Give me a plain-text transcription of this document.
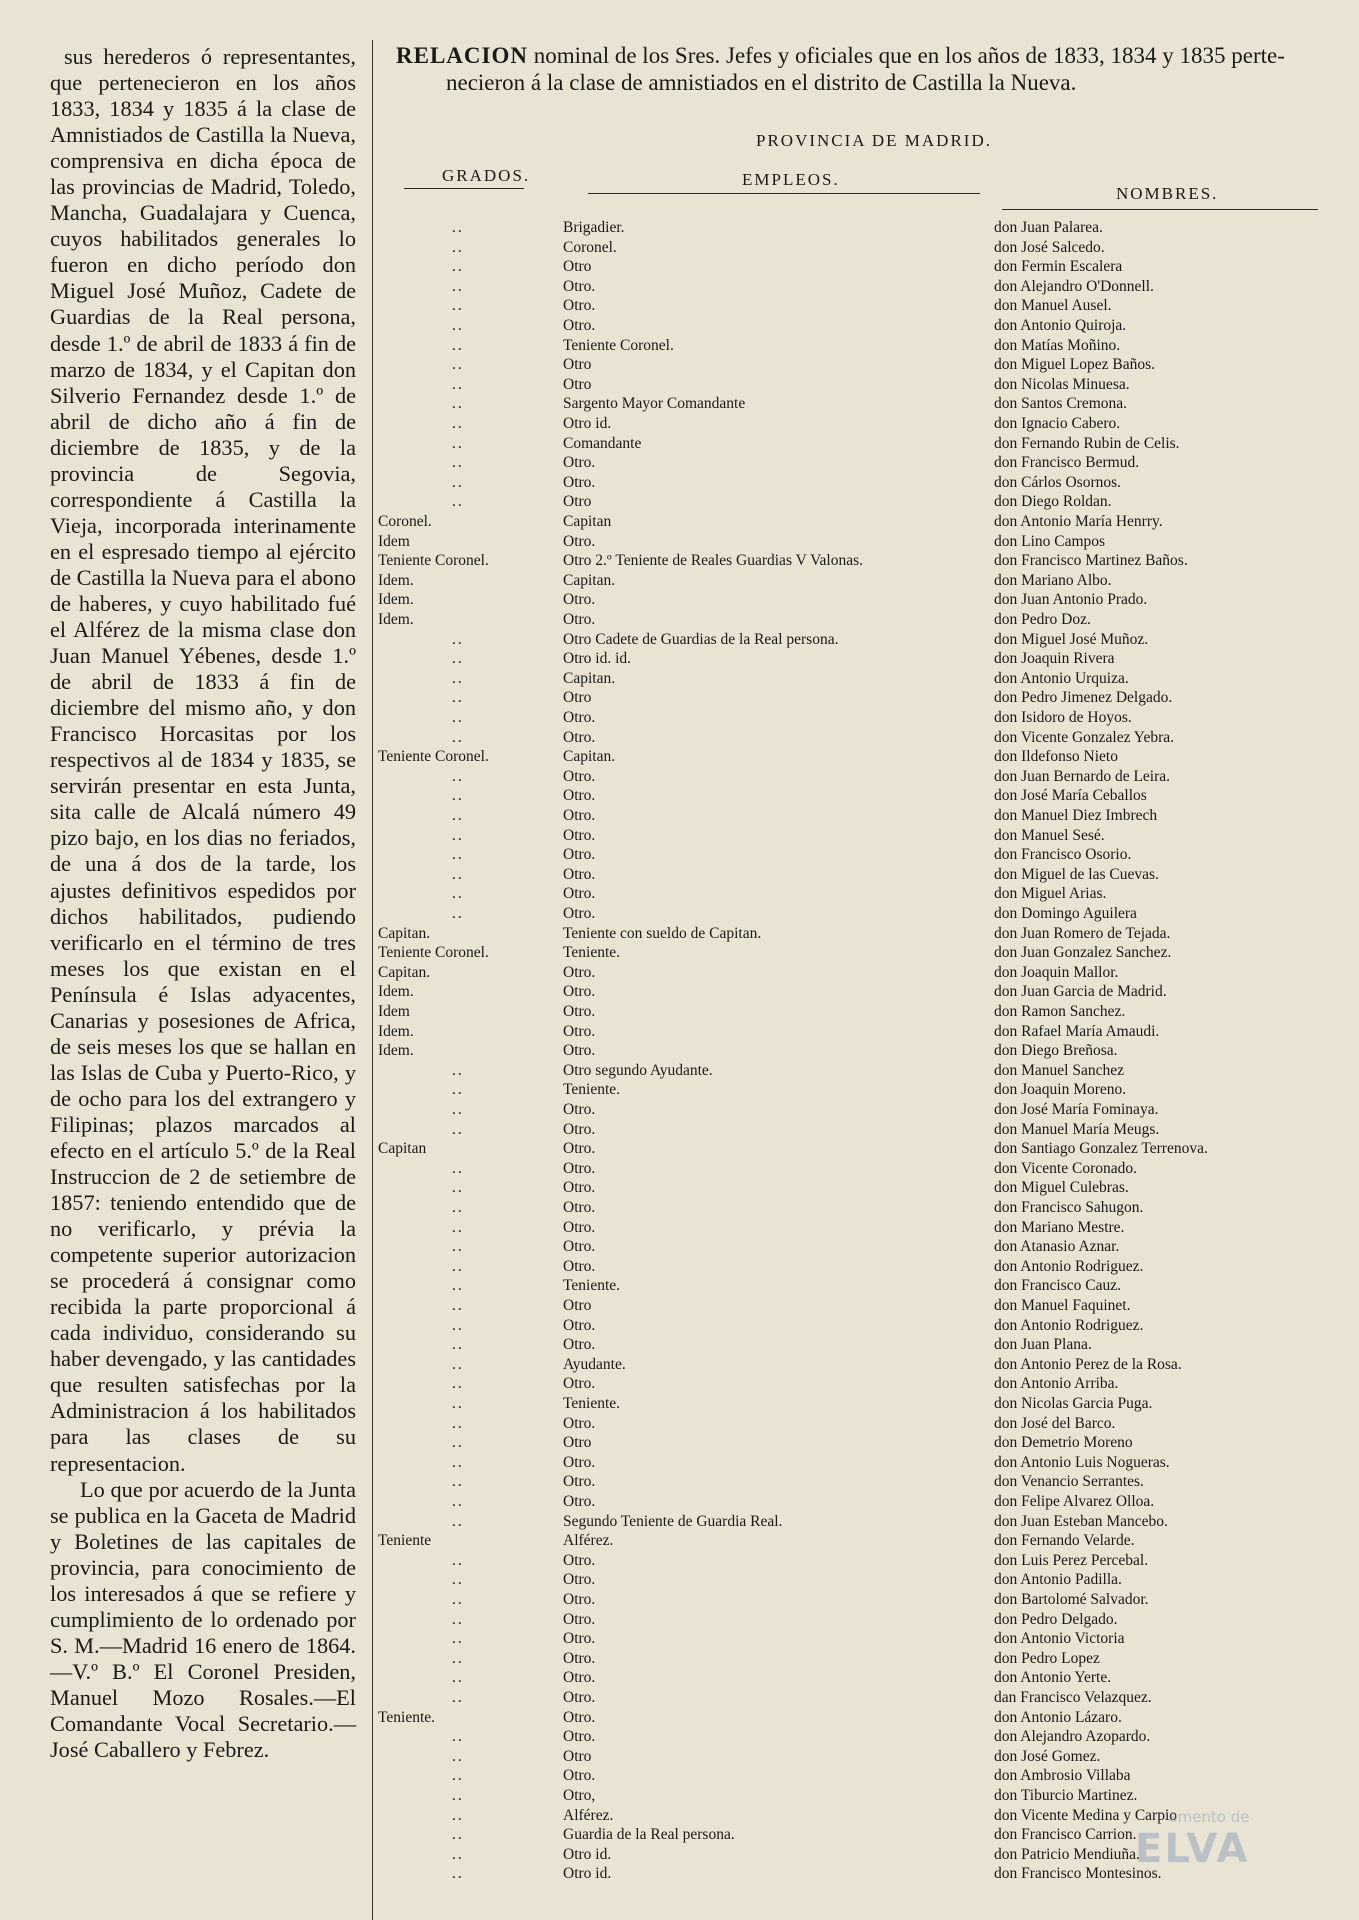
sus herederos ó representantes, que pertenecieron en los años 1833, 1834 y 1835 á la clase de Amnistiados de Castilla la Nueva, comprensiva en dicha época de las provincias de Madrid, Toledo, Mancha, Guadalajara y Cuenca, cuyos habilitados generales lo fueron en dicho período don Miguel José Muñoz, Cadete de Guardias de la Real persona, desde 1.º de abril de 1833 á fin de marzo de 1834, y el Capitan don Silverio Fernandez desde 1.º de abril de dicho año á fin de diciembre de 1835, y de la provincia de Segovia, correspondiente á Castilla la Vieja, incorporada interinamente en el espresado tiempo al ejército de Castilla la Nueva para el abono de haberes, y cuyo habilitado fué el Alférez de la misma clase don Juan Manuel Yébenes, desde 1.º de abril de 1833 á fin de diciembre del mismo año, y don Francisco Horcasitas por los respectivos al de 1834 y 1835, se servirán presentar en esta Junta, sita calle de Alcalá número 49 pizo bajo, en los dias no feriados, de una á dos de la tarde, los ajustes definitivos espedidos por dichos habilitados, pudiendo verificarlo en el término de tres meses los que existan en el Península é Islas adyacentes, Canarias y posesiones de Africa, de seis meses los que se hallan en las Islas de Cuba y Puerto-Rico, y de ocho para los del extrangero y Filipinas; plazos marcados al efecto en el artículo 5.º de la Real Instruccion de 2 de setiembre de 1857: teniendo entendido que de no verificarlo, y prévia la competente superior autorizacion se procederá á consignar como recibida la parte proporcional á cada individuo, considerando su haber devengado, y las cantidades que resulten satisfechas por la Administracion á los habilitados para las clases de su representacion.

Lo que por acuerdo de la Junta se publica en la Gaceta de Madrid y Boletines de las capitales de provincia, para conocimiento de los interesados á que se refiere y cumplimiento de lo ordenado por S. M.—Madrid 16 enero de 1864.—V.º B.º El Coronel Presiden, Manuel Mozo Rosales.—El Comandante Vocal Secretario.—José Caballero y Febrez.

RELACION nominal de los Sres. Jefes y oficiales que en los años de 1833, 1834 y 1835 perte-
necieron á la clase de amnistiados en el distrito de Castilla la Nueva.
PROVINCIA DE MADRID.
GRADOS.	EMPLEOS.
NOMBRES.
..	Brigadier.	don Juan Palarea.
..	Coronel.	don José Salcedo.
..	Otro	don Fermin Escalera
..	Otro.	don Alejandro O'Donnell.
..	Otro.	don Manuel Ausel.
..	Otro.	don Antonio Quiroja.
..	Teniente Coronel.	don Matías Moñino.
..	Otro	don Miguel Lopez Baños.
..	Otro	don Nicolas Minuesa.
..	Sargento Mayor Comandante	don Santos Cremona.
..	Otro id.	don Ignacio Cabero.
..	Comandante	don Fernando Rubin de Celis.
..	Otro.	don Francisco Bermud.
..	Otro.	don Cárlos Osornos.
..	Otro	don Diego Roldan.
Coronel.	Capitan	don Antonio María Henrry.
Idem	Otro.	don Lino Campos
Teniente Coronel.	Otro 2.º Teniente de Reales Guardias V Valonas.	don Francisco Martinez Baños.
Idem.	Capitan.	don Mariano Albo.
Idem.	Otro.	don Juan Antonio Prado.
Idem.	Otro.	don Pedro Doz.
..	Otro Cadete de Guardias de la Real persona.	don Miguel José Muñoz.
..	Otro id. id.	don Joaquin Rivera
..	Capitan.	don Antonio Urquiza.
..	Otro	don Pedro Jimenez Delgado.
..	Otro.	don Isidoro de Hoyos.
..	Otro.	don Vicente Gonzalez Yebra.
Teniente Coronel.	Capitan.	don Ildefonso Nieto
..	Otro.	don Juan Bernardo de Leira.
..	Otro.	don José María Ceballos
..	Otro.	don Manuel Diez Imbrech
..	Otro.	don Manuel Sesé.
..	Otro.	don Francisco Osorio.
..	Otro.	don Miguel de las Cuevas.
..	Otro.	don Miguel Arias.
..	Otro.	don Domingo Aguilera
Capitan.	Teniente con sueldo de Capitan.	don Juan Romero de Tejada.
Teniente Coronel.	Teniente.	don Juan Gonzalez Sanchez.
Capitan.	Otro.	don Joaquin Mallor.
Idem.	Otro.	don Juan Garcia de Madrid.
Idem	Otro.	don Ramon Sanchez.
Idem.	Otro.	don Rafael María Amaudi.
Idem.	Otro.	don Diego Breñosa.
..	Otro segundo Ayudante.	don Manuel Sanchez
..	Teniente.	don Joaquin Moreno.
..	Otro.	don José María Fominaya.
..	Otro.	don Manuel María Meugs.
Capitan	Otro.	don Santiago Gonzalez Terrenova.
..	Otro.	don Vicente Coronado.
..	Otro.	don Miguel Culebras.
..	Otro.	don Francisco Sahugon.
..	Otro.	don Mariano Mestre.
..	Otro.	don Atanasio Aznar.
..	Otro.	don Antonio Rodriguez.
..	Teniente.	don Francisco Cauz.
..	Otro	don Manuel Faquinet.
..	Otro.	don Antonio Rodriguez.
..	Otro.	don Juan Plana.
..	Ayudante.	don Antonio Perez de la Rosa.
..	Otro.	don Antonio Arriba.
..	Teniente.	don Nicolas Garcia Puga.
..	Otro.	don José del Barco.
..	Otro	don Demetrio Moreno
..	Otro.	don Antonio Luis Nogueras.
..	Otro.	don Venancio Serrantes.
..	Otro.	don Felipe Alvarez Olloa.
..	Segundo Teniente de Guardia Real.	don Juan Esteban Mancebo.
Teniente	Alférez.	don Fernando Velarde.
..	Otro.	don Luis Perez Percebal.
..	Otro.	don Antonio Padilla.
..	Otro.	don Bartolomé Salvador.
..	Otro.	don Pedro Delgado.
..	Otro.	don Antonio Victoria
..	Otro.	don Pedro Lopez
..	Otro.	don Antonio Yerte.
..	Otro.	dan Francisco Velazquez.
Teniente.	Otro.	don Antonio Lázaro.
..	Otro.	don Alejandro Azopardo.
..	Otro	don José Gomez.
..	Otro.	don Ambrosio Villaba
..	Otro,	don Tiburcio Martinez.
..	Alférez.	don Vicente Medina y Carpio
..	Guardia de la Real persona.	don Francisco Carrion.
..	Otro id.	don Patricio Mendiuña.
..	Otro id.	don Francisco Montesinos.
amento de
ELVA
